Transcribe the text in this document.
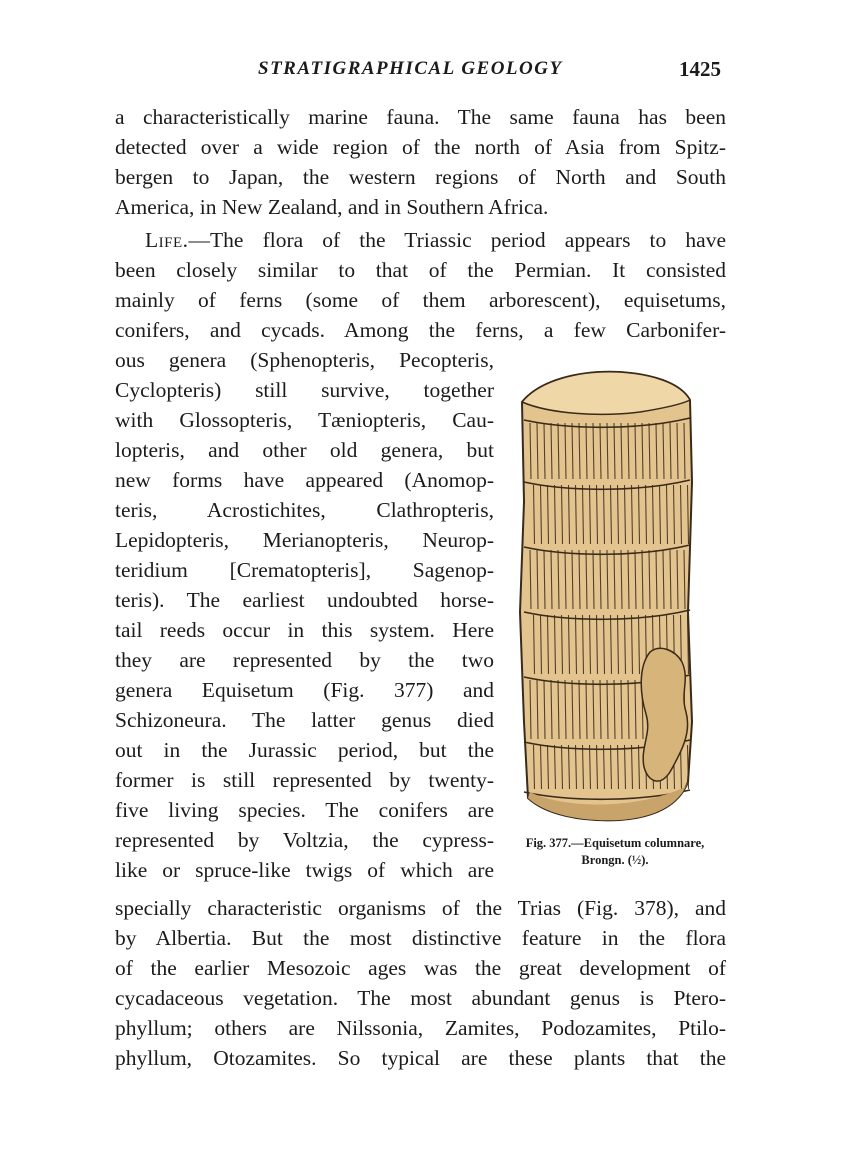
STRATIGRAPHICAL GEOLOGY	1425
a characteristically marine fauna. The same fauna has been
detected over a wide region of the north of Asia from Spitz-
bergen to Japan, the western regions of North and South
America, in New Zealand, and in Southern Africa.
Life.—The flora of the Triassic period appears to have
been closely similar to that of the Permian. It consisted
mainly of ferns (some of them arborescent), equisetums,
conifers, and cycads. Among the ferns, a few Carbonifer-
ous genera (Sphenopteris, Pecopteris,
Cyclopteris) still survive, together
with Glossopteris, Tæniopteris, Cau-
lopteris, and other old genera, but
new forms have appeared (Anomop-
teris, Acrostichites, Clathropteris,
Lepidopteris, Merianopteris, Neurop-
teridium [Crematopteris], Sagenop-
teris). The earliest undoubted horse-
tail reeds occur in this system. Here
they are represented by the two
genera Equisetum (Fig. 377) and
Schizoneura. The latter genus died
out in the Jurassic period, but the
former is still represented by twenty-
five living species. The conifers are
represented by Voltzia, the cypress-
like or spruce-like twigs of which are
specially characteristic organisms of the Trias (Fig. 378), and
by Albertia. But the most distinctive feature in the flora
of the earlier Mesozoic ages was the great development of
cycadaceous vegetation. The most abundant genus is Ptero-
phyllum; others are Nilssonia, Zamites, Podozamites, Ptilo-
phyllum, Otozamites. So typical are these plants that the
Fig. 377.—Equisetum columnare,
Brongn. (½).
